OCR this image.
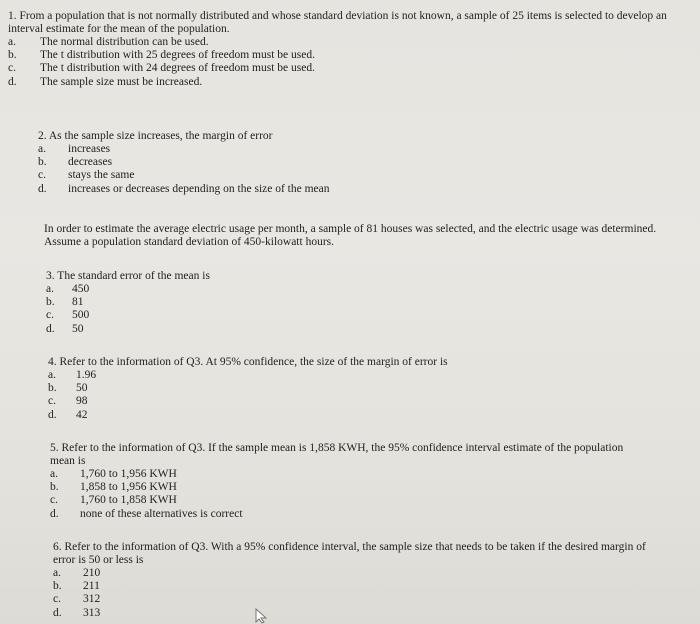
1. From a population that is not normally distributed and whose standard deviation is not known, a sample of 25 items is selected to develop an interval estimate for the mean of the population.

a.	The normal distribution can be used.
b.	The t distribution with 25 degrees of freedom must be used.
c.	The t distribution with 24 degrees of freedom must be used.
d.	The sample size must be increased.

2. As the sample size increases, the margin of error

a.	increases
b.	decreases
c.	stays the same
d.	increases or decreases depending on the size of the mean

In order to estimate the average electric usage per month, a sample of 81 houses was selected, and the electric usage was determined. Assume a population standard deviation of 450-kilowatt hours.

3. The standard error of the mean is

a.	450
b.	81
c.	500
d.	50

4. Refer to the information of Q3. At 95% confidence, the size of the margin of error is

a.	1.96
b.	50
c.	98
d.	42

5. Refer to the information of Q3. If the sample mean is 1,858 KWH, the 95% confidence interval estimate of the population mean is

a.	1,760 to 1,956 KWH
b.	1,858 to 1,956 KWH
c.	1,760 to 1,858 KWH
d.	none of these alternatives is correct

6. Refer to the information of Q3. With a 95% confidence interval, the sample size that needs to be taken if the desired margin of error is 50 or less is

a.	210
b.	211
c.	312
d.	313
